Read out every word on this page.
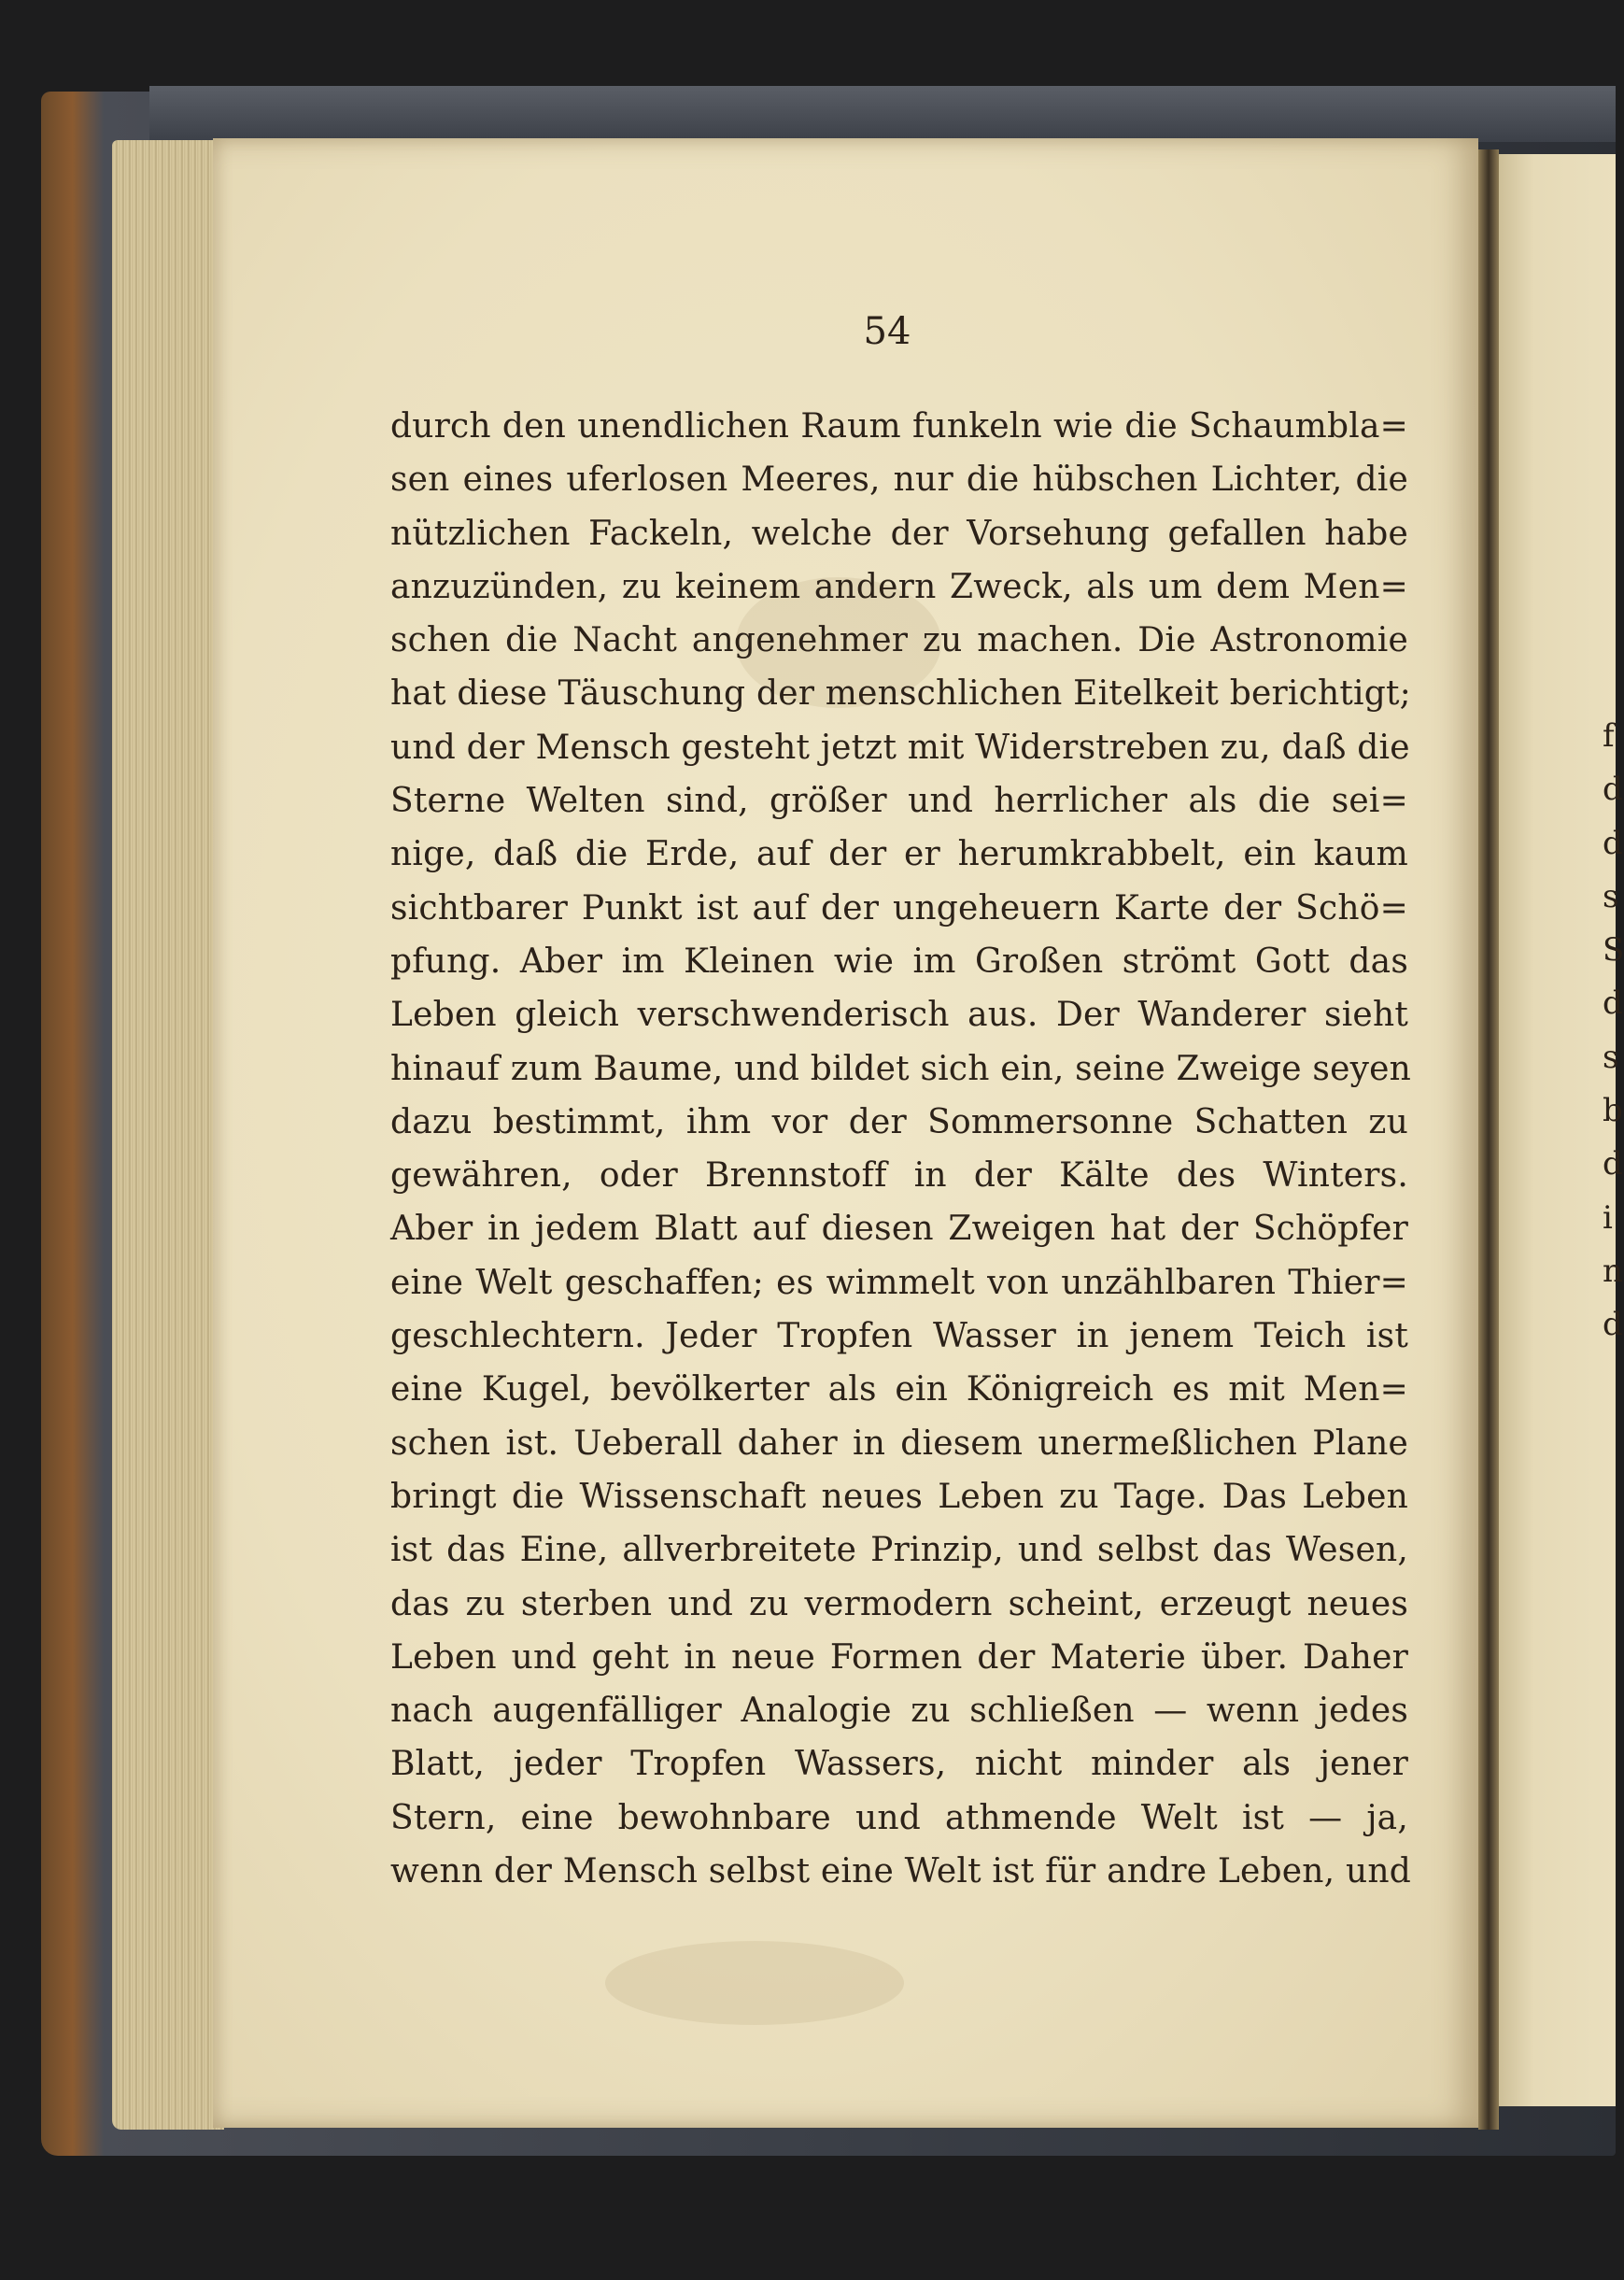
f
d
d
s
S
d
s
b
d
i
n
d

54

durch den unendlichen Raum funkeln wie die Schaumbla=
sen eines uferlosen Meeres, nur die hübschen Lichter, die
nützlichen Fackeln, welche der Vorsehung gefallen habe
anzuzünden, zu keinem andern Zweck, als um dem Men=
schen die Nacht angenehmer zu machen. Die Astronomie
hat diese Täuschung der menschlichen Eitelkeit berichtigt;
und der Mensch gesteht jetzt mit Widerstreben zu, daß die
Sterne Welten sind, größer und herrlicher als die sei=
nige, daß die Erde, auf der er herumkrabbelt, ein kaum
sichtbarer Punkt ist auf der ungeheuern Karte der Schö=
pfung. Aber im Kleinen wie im Großen strömt Gott das
Leben gleich verschwenderisch aus. Der Wanderer sieht
hinauf zum Baume, und bildet sich ein, seine Zweige seyen
dazu bestimmt, ihm vor der Sommersonne Schatten zu
gewähren, oder Brennstoff in der Kälte des Winters.
Aber in jedem Blatt auf diesen Zweigen hat der Schöpfer
eine Welt geschaffen; es wimmelt von unzählbaren Thier=
geschlechtern. Jeder Tropfen Wasser in jenem Teich ist
eine Kugel, bevölkerter als ein Königreich es mit Men=
schen ist. Ueberall daher in diesem unermeßlichen Plane
bringt die Wissenschaft neues Leben zu Tage. Das Leben
ist das Eine, allverbreitete Prinzip, und selbst das Wesen,
das zu sterben und zu vermodern scheint, erzeugt neues
Leben und geht in neue Formen der Materie über. Daher
nach augenfälliger Analogie zu schließen — wenn jedes
Blatt, jeder Tropfen Wassers, nicht minder als jener
Stern, eine bewohnbare und athmende Welt ist — ja,
wenn der Mensch selbst eine Welt ist für andre Leben, und
